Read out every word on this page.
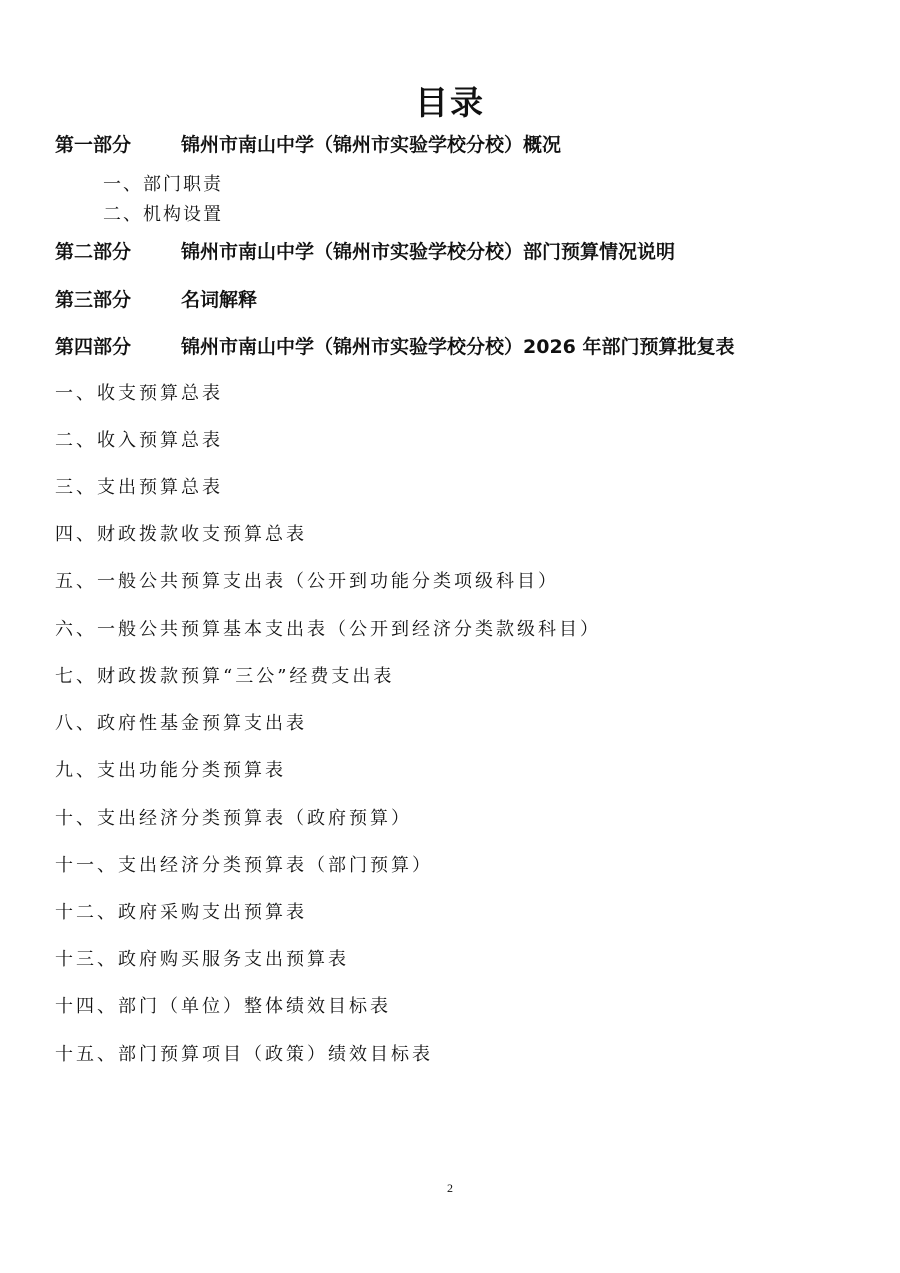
目录
第一部分	锦州市南山中学（锦州市实验学校分校）概况
一、部门职责
二、机构设置
第二部分	锦州市南山中学（锦州市实验学校分校）部门预算情况说明
第三部分	名词解释
第四部分	锦州市南山中学（锦州市实验学校分校）2026 年部门预算批复表
一、收支预算总表
二、收入预算总表
三、支出预算总表
四、财政拨款收支预算总表
五、一般公共预算支出表（公开到功能分类项级科目）
六、一般公共预算基本支出表（公开到经济分类款级科目）
七、财政拨款预算“三公”经费支出表
八、政府性基金预算支出表
九、支出功能分类预算表
十、支出经济分类预算表（政府预算）
十一、支出经济分类预算表（部门预算）
十二、政府采购支出预算表
十三、政府购买服务支出预算表
十四、部门（单位）整体绩效目标表
十五、部门预算项目（政策）绩效目标表
2
